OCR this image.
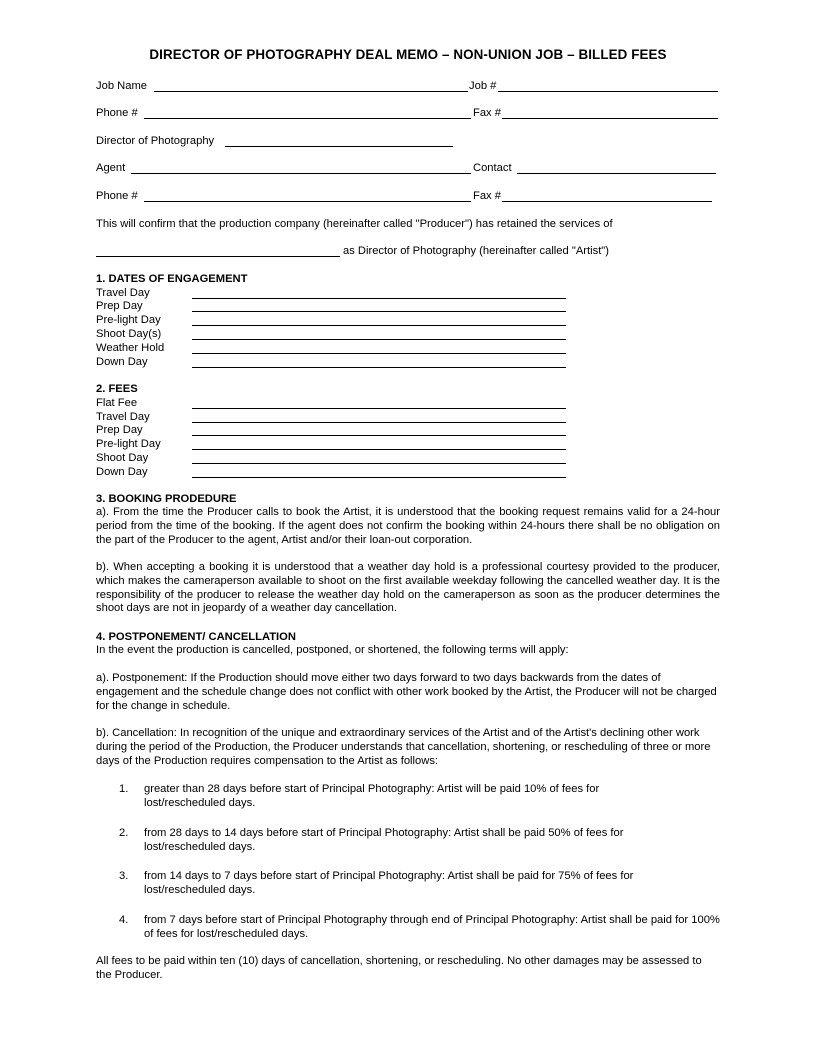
DIRECTOR OF PHOTOGRAPHY DEAL MEMO – NON-UNION JOB – BILLED FEES
Job Name	Job #
Phone #	Fax #
Director of Photography
Agent	Contact
Phone #	Fax #
This will confirm that the production company (hereinafter called "Producer") has retained the services of
as Director of Photography (hereinafter called "Artist")
1. DATES OF ENGAGEMENT
Travel Day
Prep Day
Pre-light Day
Shoot Day(s)
Weather Hold
Down Day
2. FEES
Flat Fee
Travel Day
Prep Day
Pre-light Day
Shoot Day
Down Day
3. BOOKING PRODEDURE
a). From the time the Producer calls to book the Artist, it is understood that the booking request remains valid for a 24-hour period from the time of the booking. If the agent does not confirm the booking within 24-hours there shall be no obligation on the part of the Producer to the agent, Artist and/or their loan-out corporation.
b). When accepting a booking it is understood that a weather day hold is a professional courtesy provided to the producer, which makes the cameraperson available to shoot on the first available weekday following the cancelled weather day. It is the responsibility of the producer to release the weather day hold on the cameraperson as soon as the producer determines the shoot days are not in jeopardy of a weather day cancellation.
4. POSTPONEMENT/ CANCELLATION
In the event the production is cancelled, postponed, or shortened, the following terms will apply:
a). Postponement: If the Production should move either two days forward to two days backwards from the dates of engagement and the schedule change does not conflict with other work booked by the Artist, the Producer will not be charged for the change in schedule.
b). Cancellation: In recognition of the unique and extraordinary services of the Artist and of the Artist's declining other work during the period of the Production, the Producer understands that cancellation, shortening, or rescheduling of three or more days of the Production requires compensation to the Artist as follows:
1. greater than 28 days before start of Principal Photography: Artist will be paid 10% of fees for lost/rescheduled days.
2. from 28 days to 14 days before start of Principal Photography: Artist shall be paid 50% of fees for lost/rescheduled days.
3. from 14 days to 7 days before start of Principal Photography: Artist shall be paid for 75% of fees for lost/rescheduled days.
4. from 7 days before start of Principal Photography through end of Principal Photography: Artist shall be paid for 100% of fees for lost/rescheduled days.
All fees to be paid within ten (10) days of cancellation, shortening, or rescheduling. No other damages may be assessed to the Producer.
